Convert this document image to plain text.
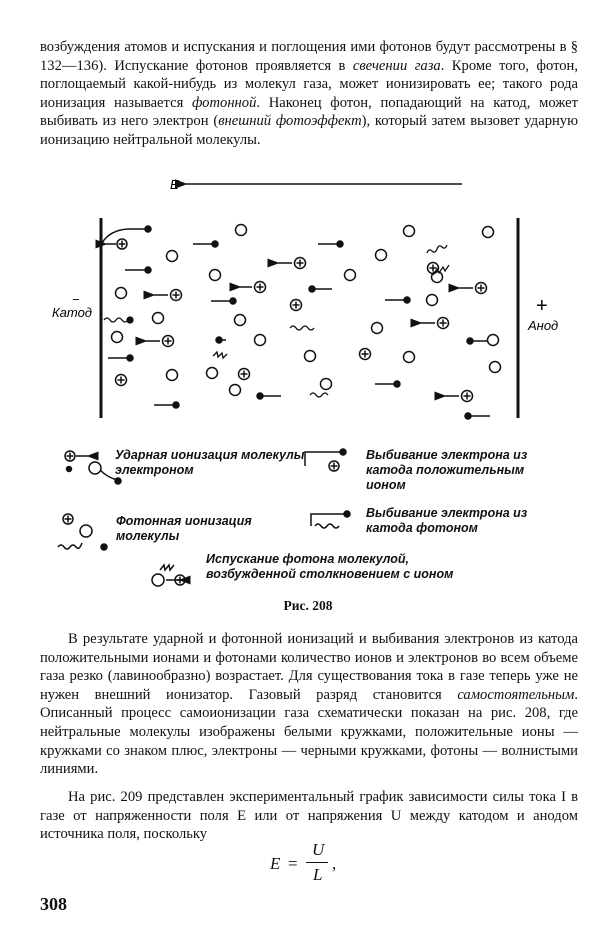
возбуждения атомов и испускания и поглощения ими фотонов будут рассмотрены в § 132—136). Испускание фотонов проявляется в свечении газа. Кроме того, фотон, поглощаемый какой-нибудь из молекул газа, может ионизировать ее; такого рода ионизация называется фотонной. Наконец фотон, попадающий на катод, может выбивать из него электрон (внешний фотоэффект), который затем вызовет ударную ионизацию нейтральной молекулы.

E
Катод
−
Анод
+
Ударная ионизация молекулы электроном
Выбивание электрона из катода положительным ионом
Фотонная ионизация молекулы
Выбивание электрона из катода фотоном
Испускание фотона молекулой, возбужденной столкновением с ионом
Рис. 208

В результате ударной и фотонной ионизаций и выбивания электронов из катода положительными ионами и фотонами количество ионов и электронов во всем объеме газа резко (лавинообразно) возрастает. Для существования тока в газе теперь уже не нужен внешний ионизатор. Газовый разряд становится самостоятельным. Описанный процесс самоионизации газа схематически показан на рис. 208, где нейтральные молекулы изображены белыми кружками, положительные ионы — кружками со знаком плюс, электроны — черными кружками, фотоны — волнистыми линиями.

На рис. 209 представлен экспериментальный график зависимости силы тока I в газе от напряженности поля E или от напряжения U между катодом и анодом источника поля, поскольку

E =
U
L
,
308
